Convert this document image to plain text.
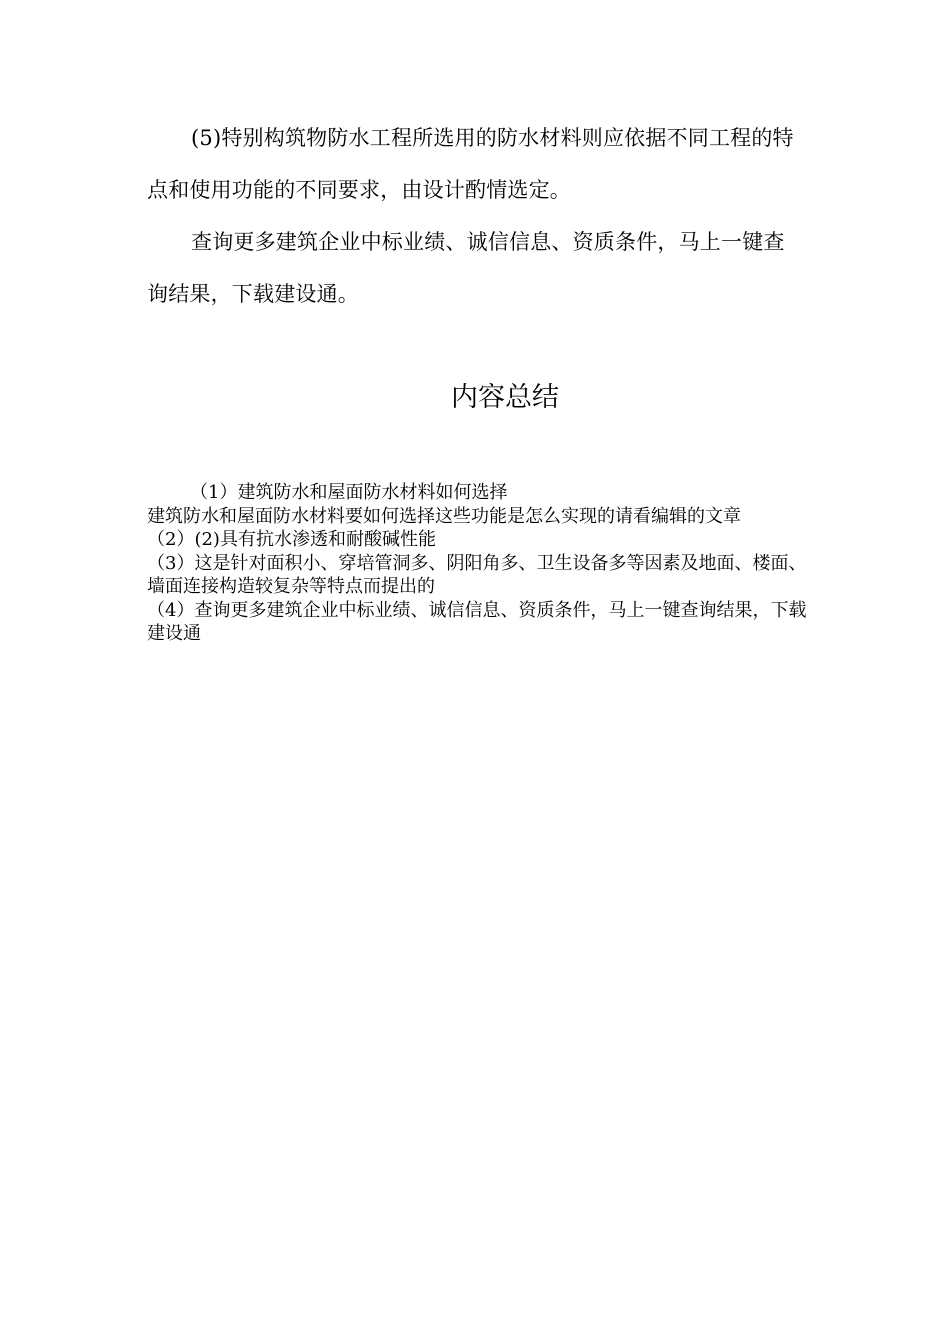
(5)特别构筑物防水工程所选用的防水材料则应依据不同工程的特点和使用功能的不同要求，由设计酌情选定。

查询更多建筑企业中标业绩、诚信信息、资质条件，马上一键查询结果，下载建设通。

内容总结

（1）建筑防水和屋面防水材料如何选择

建筑防水和屋面防水材料要如何选择这些功能是怎么实现的请看编辑的文章

（2）(2)具有抗水渗透和耐酸碱性能

（3）这是针对面积小、穿培管洞多、阴阳角多、卫生设备多等因素及地面、楼面、墙面连接构造较复杂等特点而提出的

（4）查询更多建筑企业中标业绩、诚信信息、资质条件，马上一键查询结果，下载建设通
